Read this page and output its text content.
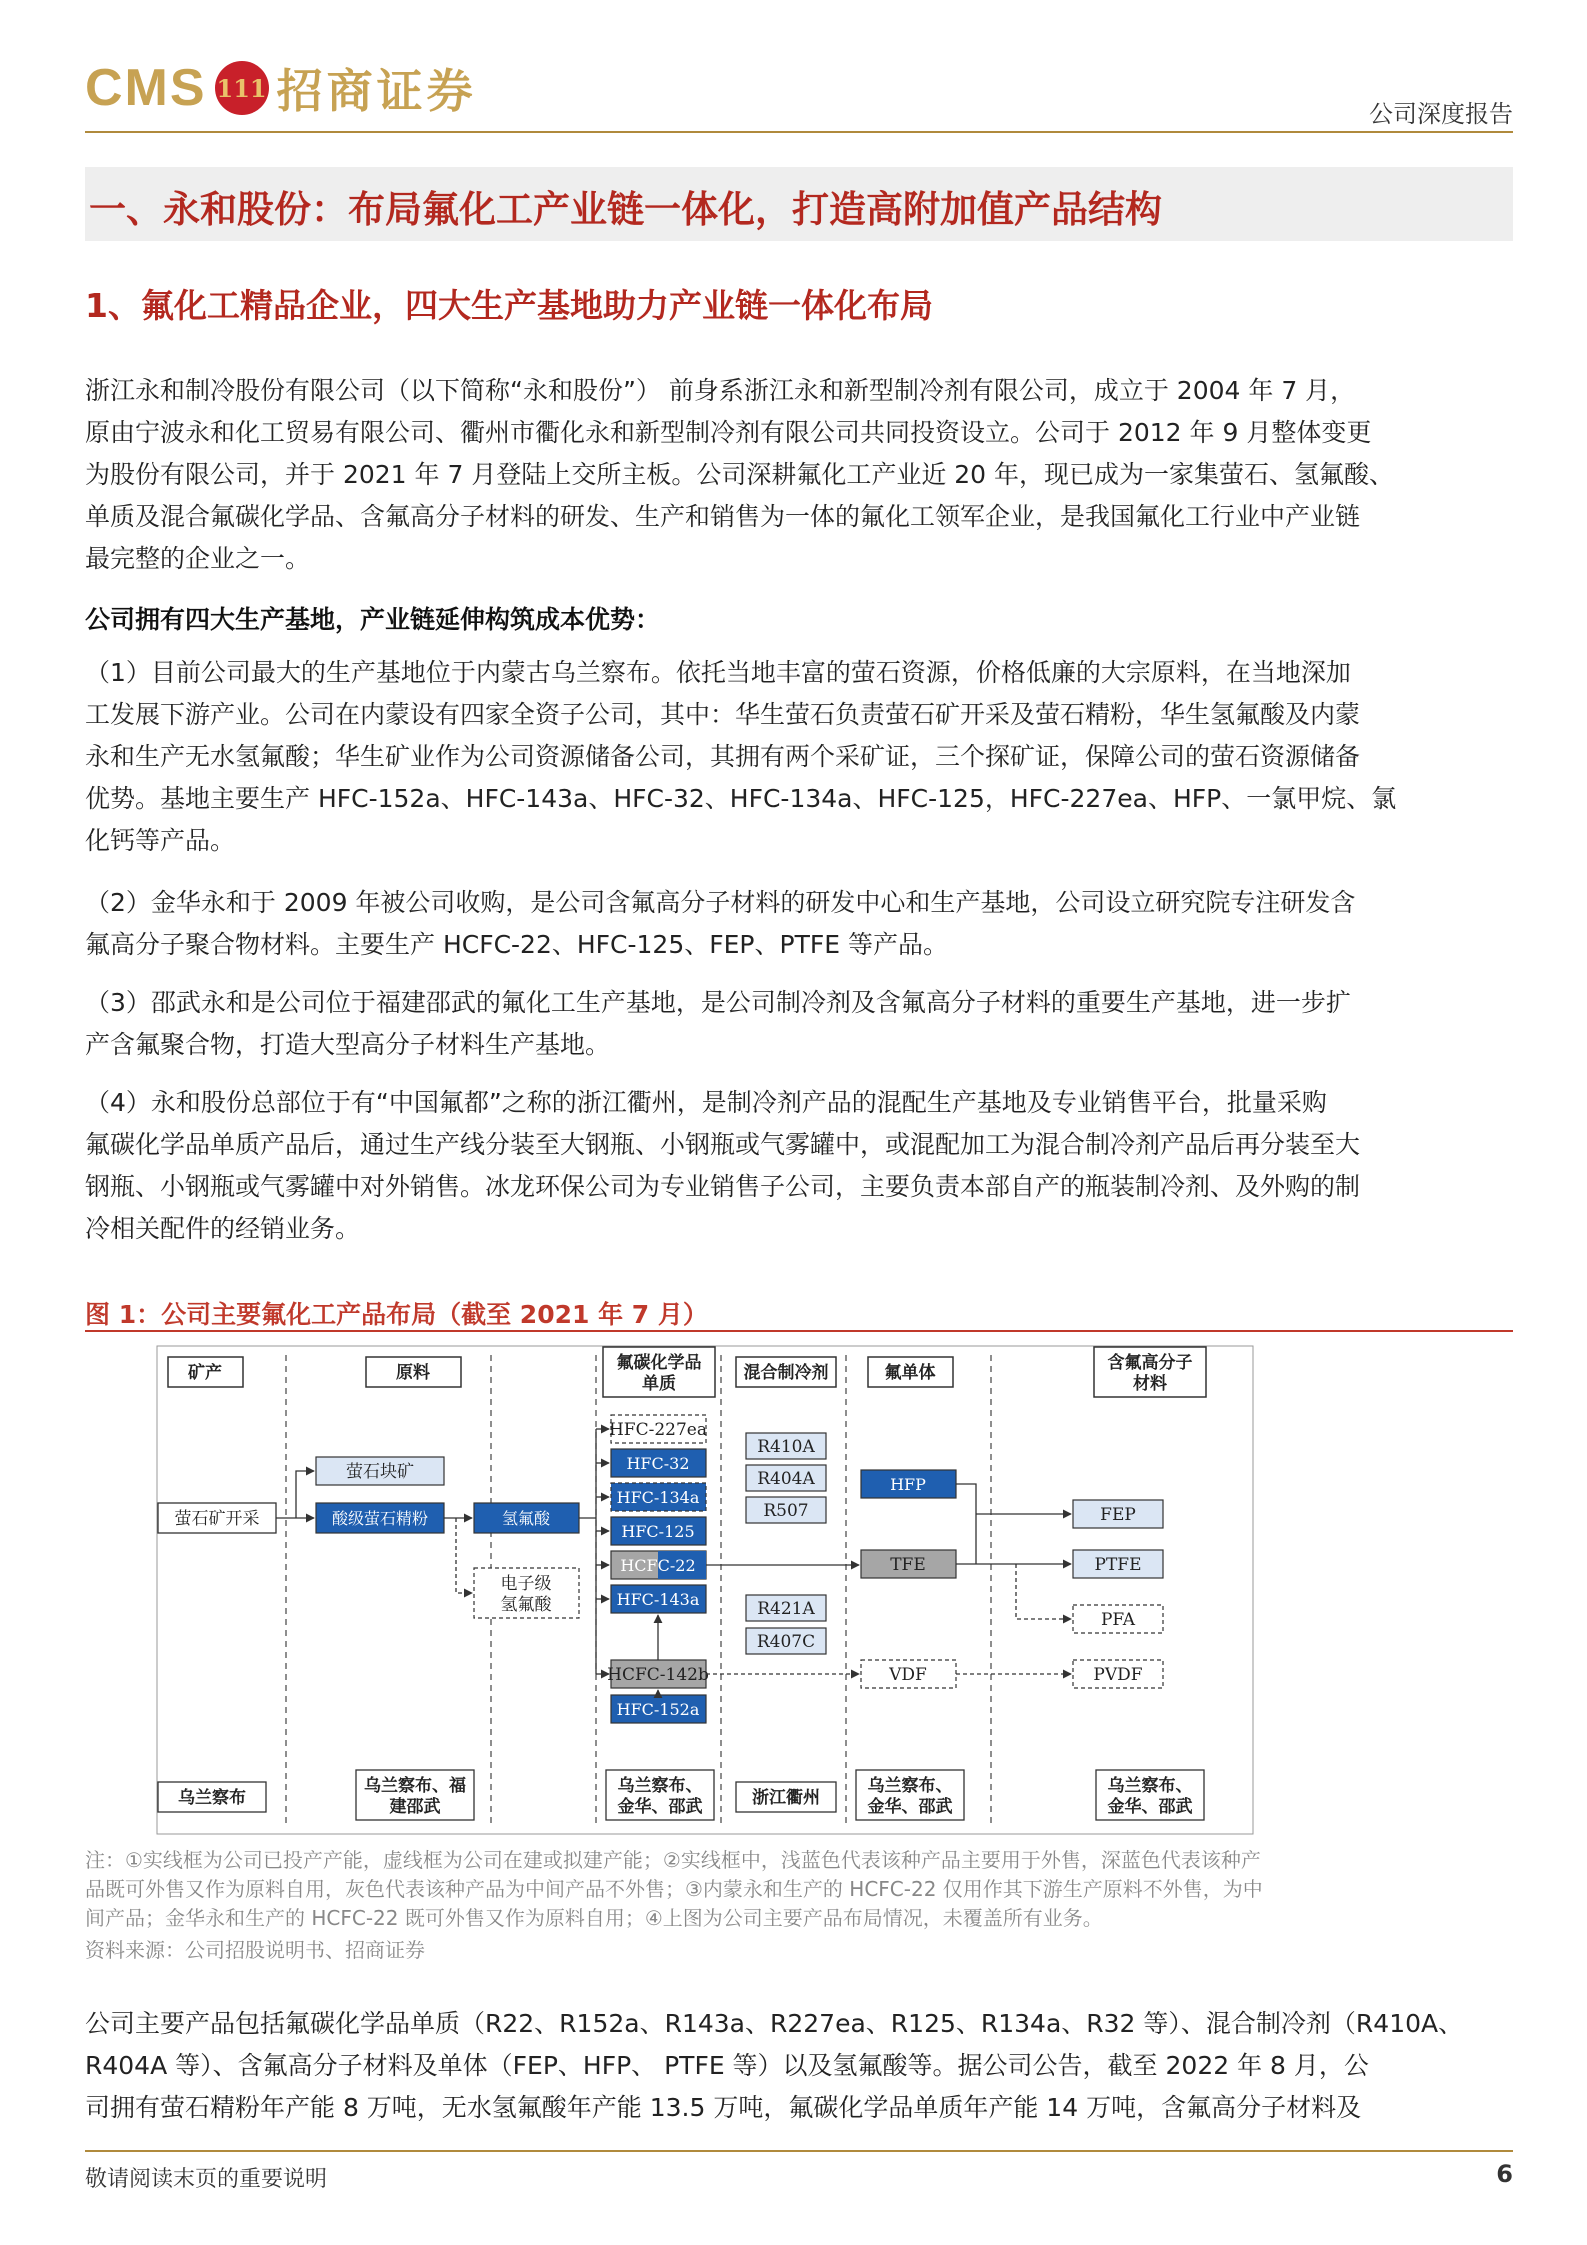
CMS 111 招商证券	公司深度报告
一、永和股份：布局氟化工产业链一体化，打造高附加值产品结构
1、氟化工精品企业，四大生产基地助力产业链一体化布局
浙江永和制冷股份有限公司（以下简称“永和股份”） 前身系浙江永和新型制冷剂有限公司，成立于 2004 年 7 月，
原由宁波永和化工贸易有限公司、衢州市衢化永和新型制冷剂有限公司共同投资设立。公司于 2012 年 9 月整体变更
为股份有限公司，并于 2021 年 7 月登陆上交所主板。公司深耕氟化工产业近 20 年，现已成为一家集萤石、氢氟酸、
单质及混合氟碳化学品、含氟高分子材料的研发、生产和销售为一体的氟化工领军企业，是我国氟化工行业中产业链
最完整的企业之一。
公司拥有四大生产基地，产业链延伸构筑成本优势：
（1）目前公司最大的生产基地位于内蒙古乌兰察布。依托当地丰富的萤石资源，价格低廉的大宗原料，在当地深加
工发展下游产业。公司在内蒙设有四家全资子公司，其中：华生萤石负责萤石矿开采及萤石精粉，华生氢氟酸及内蒙
永和生产无水氢氟酸；华生矿业作为公司资源储备公司，其拥有两个采矿证，三个探矿证，保障公司的萤石资源储备
优势。基地主要生产 HFC-152a、HFC-143a、HFC-32、HFC-134a、HFC-125，HFC-227ea、HFP、一氯甲烷、氯
化钙等产品。
（2）金华永和于 2009 年被公司收购，是公司含氟高分子材料的研发中心和生产基地，公司设立研究院专注研发含
氟高分子聚合物材料。主要生产 HCFC-22、HFC-125、FEP、PTFE 等产品。
（3）邵武永和是公司位于福建邵武的氟化工生产基地，是公司制冷剂及含氟高分子材料的重要生产基地，进一步扩
产含氟聚合物，打造大型高分子材料生产基地。
（4）永和股份总部位于有“中国氟都”之称的浙江衢州，是制冷剂产品的混配生产基地及专业销售平台，批量采购
氟碳化学品单质产品后，通过生产线分装至大钢瓶、小钢瓶或气雾罐中，或混配加工为混合制冷剂产品后再分装至大
钢瓶、小钢瓶或气雾罐中对外销售。冰龙环保公司为专业销售子公司，主要负责本部自产的瓶装制冷剂、及外购的制
冷相关配件的经销业务。
图 1：公司主要氟化工产品布局（截至 2021 年 7 月）
矿产	原料	氟碳化学品
单质
混合制冷剂	氟单体	含氟高分子
材料
萤石矿开采
萤石块矿
酸级萤石精粉	氢氟酸
电子级
氢氟酸
HFC-227ea
HFC-32
HFC-134a
HFC-125
HCFC-22
HFC-143a
HCFC-142b
HFC-152a
R410A
R404A
R507
R421A
R407C
HFP
TFE
VDF
FEP
PTFE
PFA
PVDF
乌兰察布
乌兰察布、福
建邵武
乌兰察布、
金华、邵武	浙江衢州
乌兰察布、
金华、邵武
乌兰察布、
金华、邵武
注：①实线框为公司已投产产能，虚线框为公司在建或拟建产能；②实线框中，浅蓝色代表该种产品主要用于外售，深蓝色代表该种产
品既可外售又作为原料自用，灰色代表该种产品为中间产品不外售；③内蒙永和生产的 HCFC-22 仅用作其下游生产原料不外售，为中
间产品；金华永和生产的 HCFC-22 既可外售又作为原料自用；④上图为公司主要产品布局情况，未覆盖所有业务。
资料来源：公司招股说明书、招商证券
公司主要产品包括氟碳化学品单质（R22、R152a、R143a、R227ea、R125、R134a、R32 等）、混合制冷剂（R410A、
R404A 等）、含氟高分子材料及单体（FEP、HFP、 PTFE 等）以及氢氟酸等。据公司公告，截至 2022 年 8 月，公
司拥有萤石精粉年产能 8 万吨，无水氢氟酸年产能 13.5 万吨，氟碳化学品单质年产能 14 万吨，含氟高分子材料及
敬请阅读末页的重要说明	6
